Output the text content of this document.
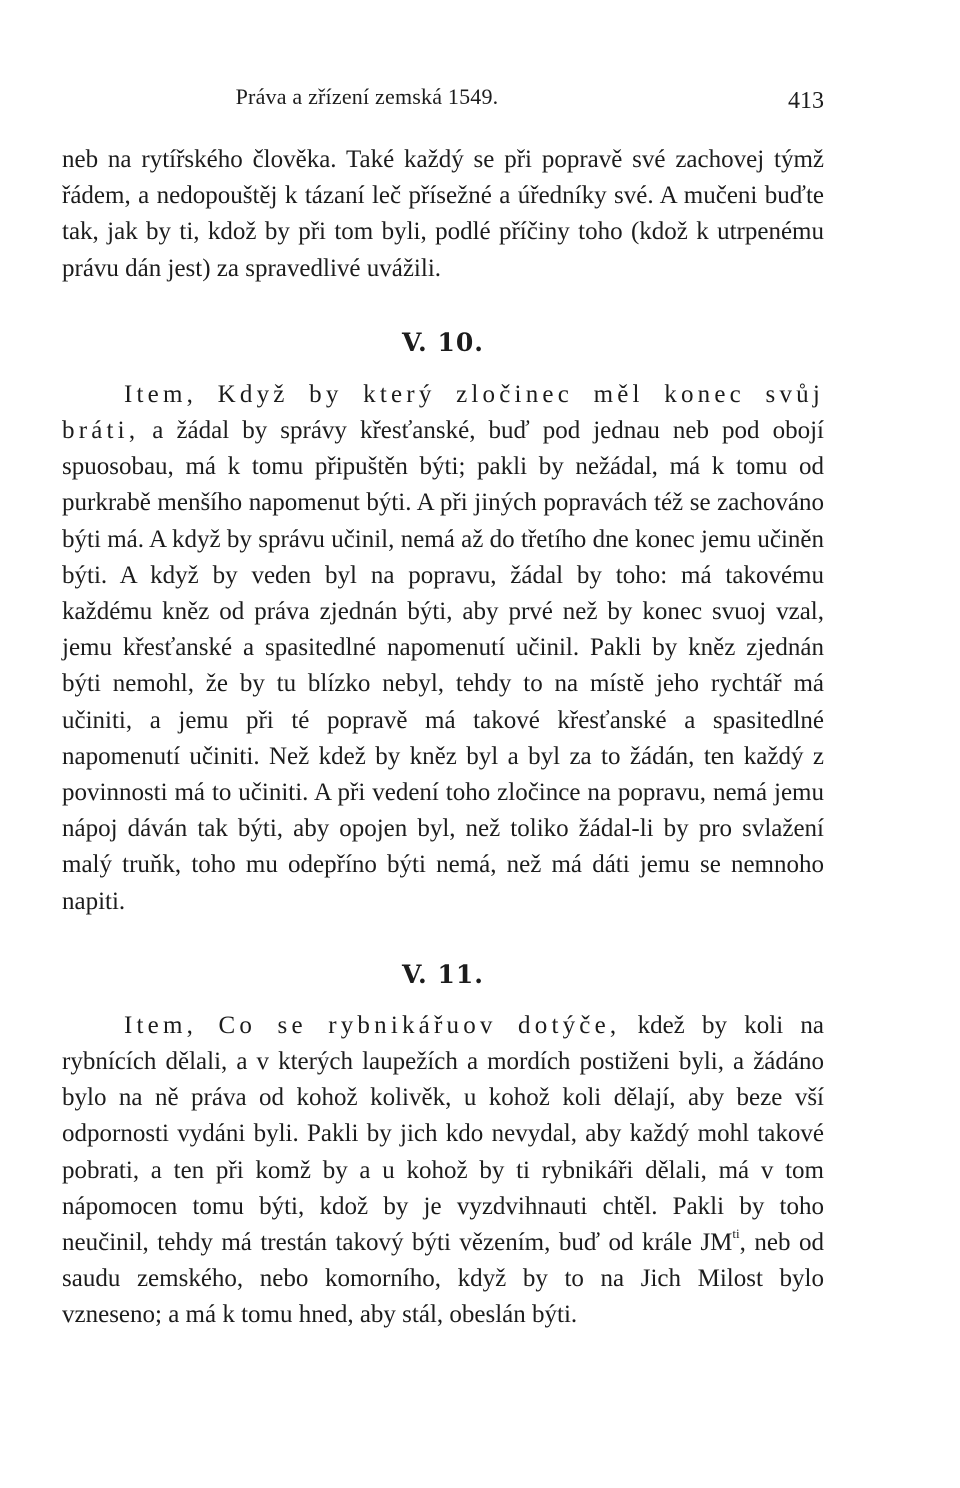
Práva a zřízení zemská 1549.	413

neb na rytířského člověka. Také každý se při popravě své zachovej týmž řádem, a nedopouštěj k tázaní leč přísežné a úředníky své. A mučeni buďte tak, jak by ti, kdož by při tom byli, podlé příčiny toho (kdož k utrpenému právu dán jest) za spravedlivé uvážili.

V. 10.

Item, Když by který zločinec měl konec svůj bráti, a žádal by správy křesťanské, buď pod jednau neb pod obojí spuosobau, má k tomu připuštěn býti; pakli by nežádal, má k tomu od purkrabě menšího napomenut býti. A při jiných popravách též se zachováno býti má. A když by správu učinil, nemá až do třetího dne konec jemu učiněn býti. A když by veden byl na popravu, žádal by toho: má takovému každému kněz od práva zjednán býti, aby prvé než by konec svuoj vzal, jemu křesťanské a spasitedlné napomenutí učinil. Pakli by kněz zjednán býti nemohl, že by tu blízko nebyl, tehdy to na místě jeho rychtář má učiniti, a jemu při té popravě má takové křesťanské a spasitedlné napomenutí učiniti. Než kdež by kněz byl a byl za to žádán, ten každý z povinnosti má to učiniti. A při vedení toho zločince na popravu, nemá jemu nápoj dáván tak býti, aby opojen byl, než toliko žádal-li by pro svlažení malý truňk, toho mu odepříno býti nemá, než má dáti jemu se nemnoho napiti.

V. 11.

Item, Co se rybnikářuov dotýče, kdež by koli na rybnících dělali, a v kterých laupežích a mordích postiženi byli, a žádáno bylo na ně práva od kohož kolivěk, u kohož koli dělají, aby beze vší odpornosti vydáni byli. Pakli by jich kdo nevydal, aby každý mohl takové pobrati, a ten při komž by a u kohož by ti rybnikáři dělali, má v tom nápomocen tomu býti, kdož by je vyzdvihnauti chtěl. Pakli by toho neučinil, tehdy má trestán takový býti vězením, buď od krále $JM^{ti}$, neb od saudu zemského, nebo komorního, když by to na Jich Milost bylo vzneseno; a má k tomu hned, aby stál, obeslán býti.
